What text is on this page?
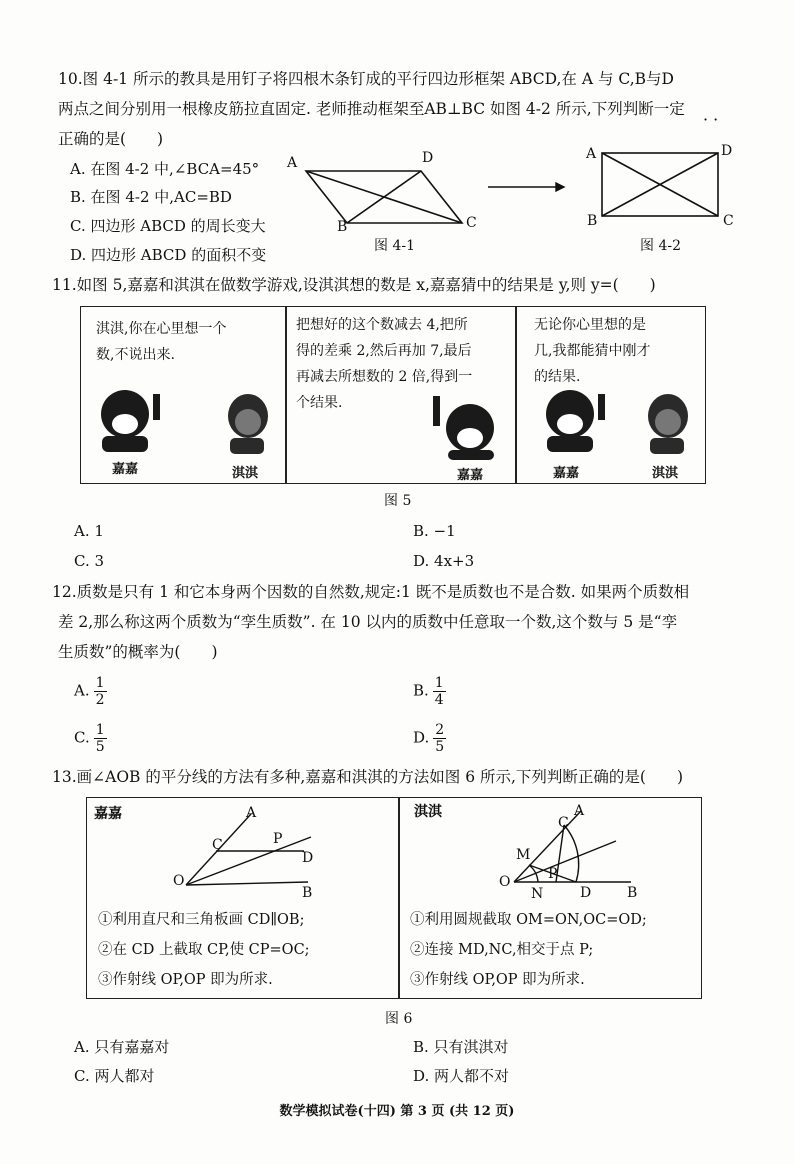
10.图 4-1 所示的教具是用钉子将四根木条钉成的平行四边形框架 ABCD,在 A 与 C,B与D
两点之间分别用一根橡皮筋拉直固定. 老师推动框架至AB⊥BC 如图 4-2 所示,下列判断一定
· ·
正确的是(　　)
A. 在图 4-2 中,∠BCA=45°
B. 在图 4-2 中,AC=BD
C. 四边形 ABCD 的周长变大
D. 四边形 ABCD 的面积不变
A	D
B	C
图 4-1
A	D
B	C
图 4-2
11.如图 5,嘉嘉和淇淇在做数学游戏,设淇淇想的数是 x,嘉嘉猜中的结果是 y,则 y=(　　)
淇淇,你在心里想一个
数,不说出来.
把想好的这个数减去 4,把所
得的差乘 2,然后再加 7,最后
再减去所想数的 2 倍,得到一
个结果.
无论你心里想的是
几,我都能猜中刚才
的结果.
嘉嘉	淇淇	嘉嘉	嘉嘉	淇淇
图 5
A. 1	B. −1
C. 3	D. 4x+3
12.质数是只有 1 和它本身两个因数的自然数,规定:1 既不是质数也不是合数. 如果两个质数相
差 2,那么称这两个质数为“孪生质数”. 在 10 以内的质数中任意取一个数,这个数与 5 是“孪
生质数”的概率为(　　)
A. $\frac{1}{2}$	B. $\frac{1}{4}$
C. $\frac{1}{5}$	D. $\frac{2}{5}$
13.画∠AOB 的平分线的方法有多种,嘉嘉和淇淇的方法如图 6 所示,下列判断正确的是(　　)
嘉嘉	淇淇
A
C	P
D
O
B
A
C
M
P
O
N	D	B
①利用直尺和三角板画 CD∥OB;
②在 CD 上截取 CP,使 CP=OC;
③作射线 OP,OP 即为所求.
①利用圆规截取 OM=ON,OC=OD;
②连接 MD,NC,相交于点 P;
③作射线 OP,OP 即为所求.
图 6
A. 只有嘉嘉对	B. 只有淇淇对
C. 两人都对	D. 两人都不对
数学模拟试卷(十四) 第 3 页 (共 12 页)
